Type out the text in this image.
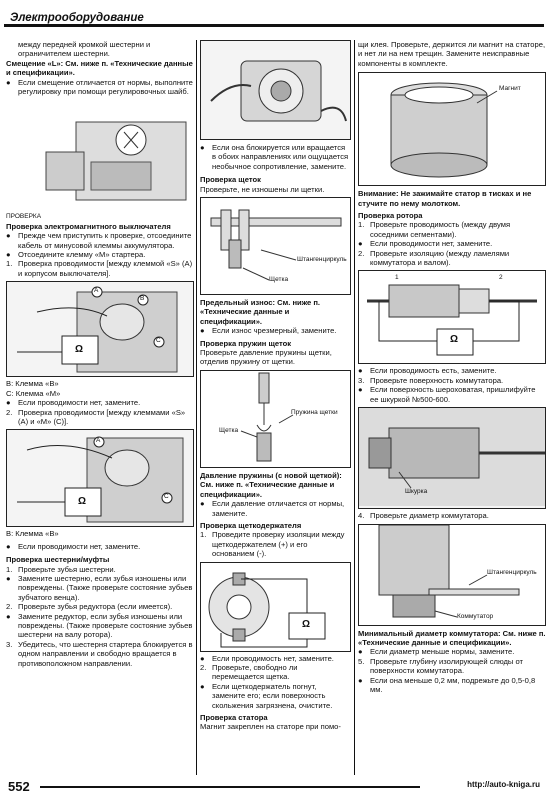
Электрооборудование

между передней кромкой шестерни и ограничителем шестерни.

Смещение «L»: См. ниже п. «Технические данные и спецификации».

● Если смещение отличается от нормы, выполните регулировку при помощи регулировочных шайб.

ПРОВЕРКА

Проверка электромагнитного выключателя

● Прежде чем приступить к проверке, отсоедините кабель от минусовой клеммы аккумулятора.
● Отсоедините клемму «M» стартера.
1. Проверка проводимости [между клеммой «S» (А) и корпусом выключателя].
A
B
C
Ω

B: Клемма «B»

C: Клемма «M»

● Если проводимости нет, замените.
2. Проверка проводимости [между клеммами «S» (А) и «M» (С)].
A
C
Ω

B: Клемма «B»

● Если проводимости нет, замените.

Проверка шестерни/муфты

1. Проверьте зубья шестерни.
● Замените шестерню, если зубья изношены или повреждены. (Также проверьте состояние зубьев зубчатого венца).
2. Проверьте зубья редуктора (если имеется).
● Замените редуктор, если зубья изношены или повреждены. (Также проверьте состояние зубьев шестерни на валу ротора).
3. Убедитесь, что шестерня стартера блокируется в одном направлении и свободно вращается в противоположном направлении.
● Если она блокируется или вращается в обоих направлениях или ощущается необычное сопротивление, замените.

Проверка щеток

Проверьте, не изношены ли щетки.

Штангенциркуль
Щетка

Предельный износ: См. ниже п. «Технические данные и спецификации».

● Если износ чрезмерный, замените.

Проверка пружин щеток

Проверьте давление пружины щетки, отделив пружину от щетки.

Щетка
Пружина щетки

Давление пружины (с новой щеткой): См. ниже п. «Технические данные и спецификации».

● Если давление отличается от нормы, замените.

Проверка щеткодержателя

1. Проведите проверку изоляции между щеткодержателем (+) и его основанием (-).
Ω
● Если проводимость нет, замените.
2. Проверьте, свободно ли перемещается щетка.
● Если щеткодержатель погнут, замените его; если поверхность скольжения загрязнена, очистите.

Проверка статора

Магнит закреплен на статоре при помо-

щи клея. Проверьте, держится ли магнит на статоре, и нет ли на нем трещин. Замените неисправные компоненты в комплекте.

Магнит

Внимание: Не зажимайте статор в тисках и не стучите по нему молотком.

Проверка ротора

1. Проверьте проводимость (между двумя соседними сегментами).
● Если проводимости нет, замените.
2. Проверьте изоляцию (между ламелями коммутатора и валом).
1	2
Ω
● Если проводимость есть, замените.
3. Проверьте поверхность коммутатора.
● Если поверхность шероховатая, пришлифуйте ее шкуркой №500-600.
Шкурка
4. Проверьте диаметр коммутатора.
Штангенциркуль
Коммутатор

Минимальный диаметр коммутатора: См. ниже п. «Технические данные и спецификации».

● Если диаметр меньше нормы, замените.
5. Проверьте глубину изолирующей слюды от поверхности коммутатора.
● Если она меньше 0,2 мм, подрежьте до 0,5-0,8 мм.
552	http://auto-kniga.ru
